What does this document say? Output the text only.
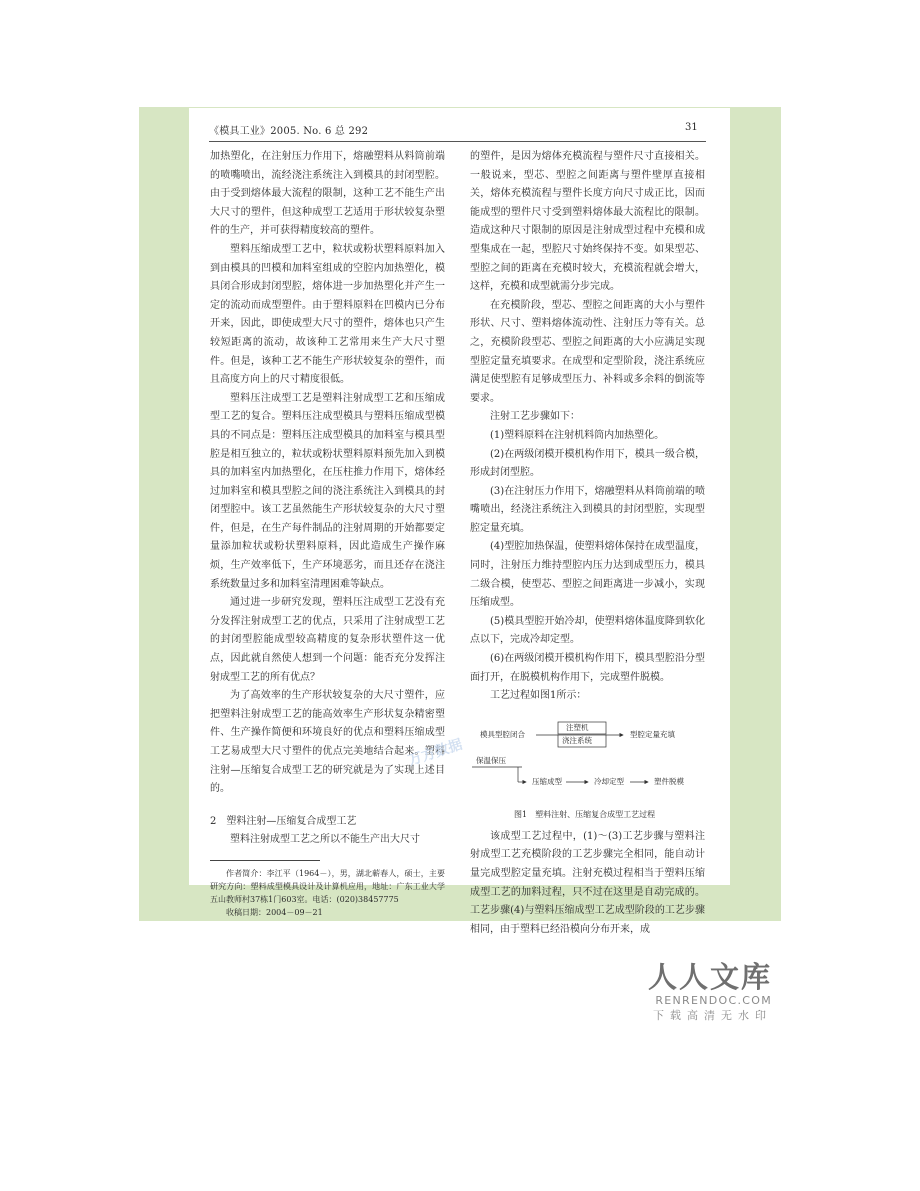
《模具工业》2005. No. 6 总 292	31

加热塑化，在注射压力作用下，熔融塑料从料筒前端的喷嘴喷出，流经浇注系统注入到模具的封闭型腔。由于受到熔体最大流程的限制，这种工艺不能生产出大尺寸的塑件，但这种成型工艺适用于形状较复杂塑件的生产，并可获得精度较高的塑件。

塑料压缩成型工艺中，粒状或粉状塑料原料加入到由模具的凹模和加料室组成的空腔内加热塑化，模具闭合形成封闭型腔，熔体进一步加热塑化并产生一定的流动而成型塑件。由于塑料原料在凹模内已分布开来，因此，即使成型大尺寸的塑件，熔体也只产生较短距离的流动，故该种工艺常用来生产大尺寸塑件。但是，该种工艺不能生产形状较复杂的塑件，而且高度方向上的尺寸精度很低。

塑料压注成型工艺是塑料注射成型工艺和压缩成型工艺的复合。塑料压注成型模具与塑料压缩成型模具的不同点是：塑料压注成型模具的加料室与模具型腔是相互独立的，粒状或粉状塑料原料预先加入到模具的加料室内加热塑化，在压柱推力作用下，熔体经过加料室和模具型腔之间的浇注系统注入到模具的封闭型腔中。该工艺虽然能生产形状较复杂的大尺寸塑件，但是，在生产每件制品的注射周期的开始都要定量添加粒状或粉状塑料原料，因此造成生产操作麻烦，生产效率低下，生产环境恶劣，而且还存在浇注系统数量过多和加料室清理困难等缺点。

通过进一步研究发现，塑料压注成型工艺没有充分发挥注射成型工艺的优点，只采用了注射成型工艺的封闭型腔能成型较高精度的复杂形状塑件这一优点，因此就自然使人想到一个问题：能否充分发挥注射成型工艺的所有优点？

为了高效率的生产形状较复杂的大尺寸塑件，应把塑料注射成型工艺的能高效率生产形状复杂精密塑件、生产操作简便和环境良好的优点和塑料压缩成型工艺易成型大尺寸塑件的优点完美地结合起来。塑料注射—压缩复合成型工艺的研究就是为了实现上述目的。

2　塑料注射—压缩复合成型工艺

塑料注射成型工艺之所以不能生产出大尺寸

作者简介：李江平（1964－），男，湖北蕲春人，硕士，主要研究方向：塑料成型模具设计及计算机应用，地址：广东工业大学五山教师村37栋1门603室。电话：(020)38457775

收稿日期：2004－09－21

的塑件，是因为熔体充模流程与塑件尺寸直接相关。一般说来，型芯、型腔之间距离与塑件壁厚直接相关，熔体充模流程与塑件长度方向尺寸成正比，因而能成型的塑件尺寸受到塑料熔体最大流程比的限制。造成这种尺寸限制的原因是注射成型过程中充模和成型集成在一起，型腔尺寸始终保持不变。如果型芯、型腔之间的距离在充模时较大，充模流程就会增大，这样，充模和成型就需分步完成。

在充模阶段，型芯、型腔之间距离的大小与塑件形状、尺寸、塑料熔体流动性、注射压力等有关。总之，充模阶段型芯、型腔之间距离的大小应满足实现型腔定量充填要求。在成型和定型阶段，浇注系统应满足使型腔有足够成型压力、补料或多余料的倒流等要求。

注射工艺步骤如下：

(1)塑料原料在注射机料筒内加热塑化。

(2)在两级闭模开模机构作用下，模具一级合模，形成封闭型腔。

(3)在注射压力作用下，熔融塑料从料筒前端的喷嘴喷出，经浇注系统注入到模具的封闭型腔，实现型腔定量充填。

(4)型腔加热保温，使塑料熔体保持在成型温度，同时，注射压力维持型腔内压力达到成型压力，模具二级合模，使型芯、型腔之间距离进一步减小，实现压缩成型。

(5)模具型腔开始冷却，使塑料熔体温度降到软化点以下，完成冷却定型。

(6)在两级闭模开模机构作用下，模具型腔沿分型面打开，在脱模机构作用下，完成塑件脱模。

工艺过程如图1所示：

模具型腔闭合
注塑机
浇注系统
型腔定量充填
保温保压
压缩成型	冷却定型	塑件脱模
图1　塑料注射、压缩复合成型工艺过程

该成型工艺过程中，(1)～(3)工艺步骤与塑料注射成型工艺充模阶段的工艺步骤完全相同，能自动计量完成型腔定量充填。注射充模过程相当于塑料压缩成型工艺的加料过程，只不过在这里是自动完成的。工艺步骤(4)与塑料压缩成型工艺成型阶段的工艺步骤相同，由于塑料已经沿模向分布开来，成

万方数据
人人文库
RENRENDOC.COM
下载高清无水印
